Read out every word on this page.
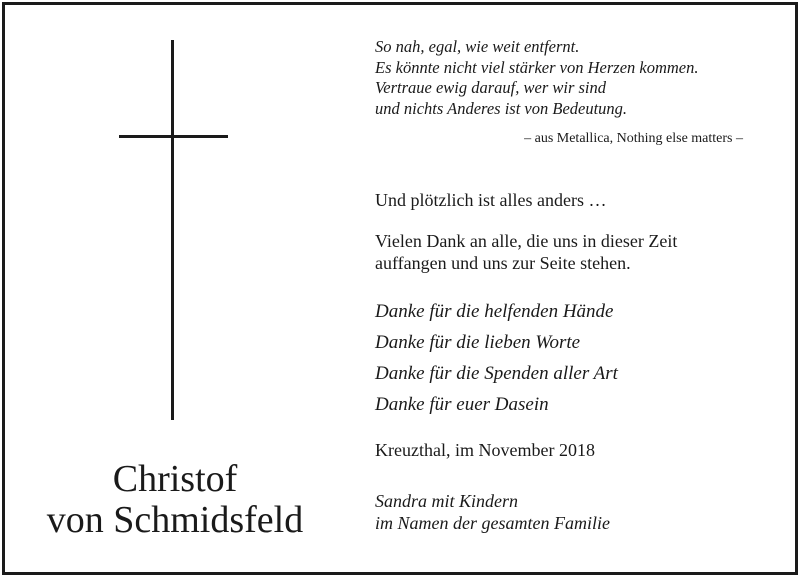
Christof
von Schmidsfeld
So nah, egal, wie weit entfernt.
Es könnte nicht viel stärker von Herzen kommen.
Vertraue ewig darauf, wer wir sind
und nichts Anderes ist von Bedeutung.
– aus Metallica, Nothing else matters –
Und plötzlich ist alles anders …
Vielen Dank an alle, die uns in dieser Zeit
auffangen und uns zur Seite stehen.
Danke für die helfenden Hände
Danke für die lieben Worte
Danke für die Spenden aller Art
Danke für euer Dasein
Kreuzthal, im November 2018
Sandra mit Kindern
im Namen der gesamten Familie
